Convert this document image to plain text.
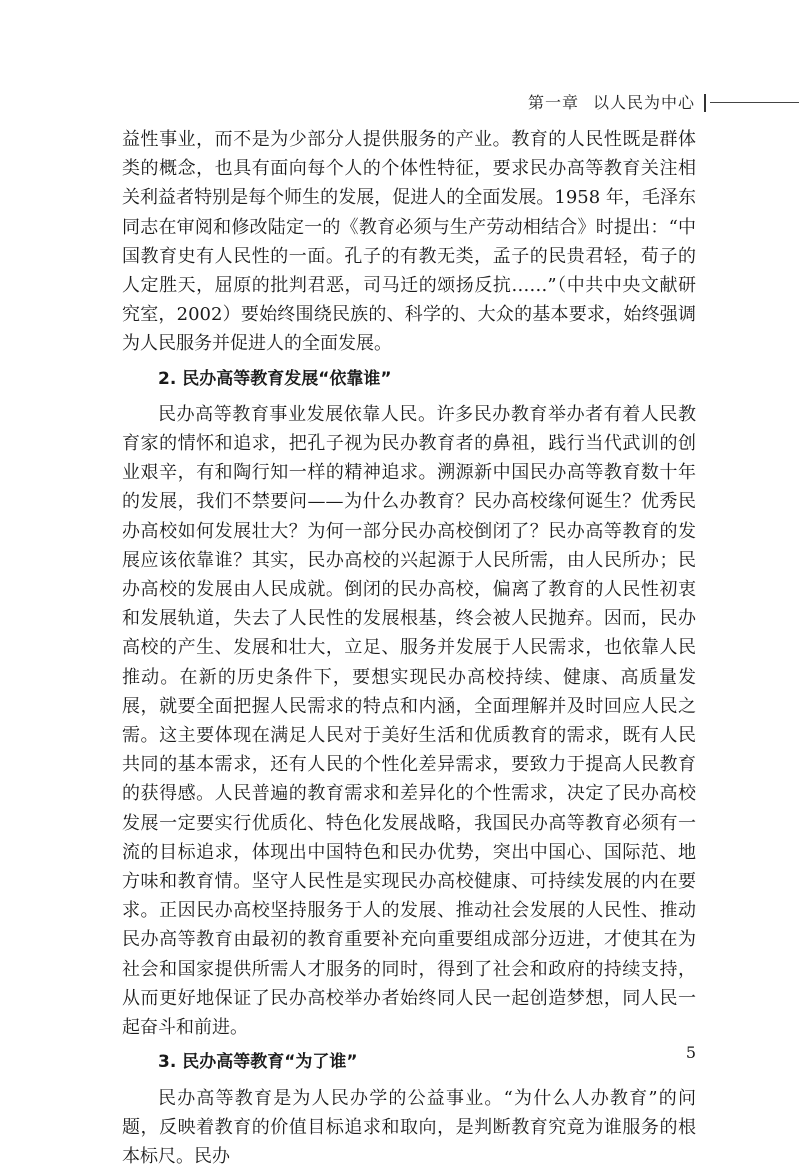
第一章 以人民为中心

益性事业，而不是为少部分人提供服务的产业。教育的人民性既是群体类的概念，也具有面向每个人的个体性特征，要求民办高等教育关注相关利益者特别是每个师生的发展，促进人的全面发展。1958 年，毛泽东同志在审阅和修改陆定一的《教育必须与生产劳动相结合》时提出：“中国教育史有人民性的一面。孔子的有教无类，孟子的民贵君轻，荀子的人定胜天，屈原的批判君恶，司马迁的颂扬反抗……”（中共中央文献研究室，2002）要始终围绕民族的、科学的、大众的基本要求，始终强调为人民服务并促进人的全面发展。

2. 民办高等教育发展“依靠谁”

民办高等教育事业发展依靠人民。许多民办教育举办者有着人民教育家的情怀和追求，把孔子视为民办教育者的鼻祖，践行当代武训的创业艰辛，有和陶行知一样的精神追求。溯源新中国民办高等教育数十年的发展，我们不禁要问——为什么办教育？民办高校缘何诞生？优秀民办高校如何发展壮大？为何一部分民办高校倒闭了？民办高等教育的发展应该依靠谁？其实，民办高校的兴起源于人民所需，由人民所办；民办高校的发展由人民成就。倒闭的民办高校，偏离了教育的人民性初衷和发展轨道，失去了人民性的发展根基，终会被人民抛弃。因而，民办高校的产生、发展和壮大，立足、服务并发展于人民需求，也依靠人民推动。在新的历史条件下，要想实现民办高校持续、健康、高质量发展，就要全面把握人民需求的特点和内涵，全面理解并及时回应人民之需。这主要体现在满足人民对于美好生活和优质教育的需求，既有人民共同的基本需求，还有人民的个性化差异需求，要致力于提高人民教育的获得感。人民普遍的教育需求和差异化的个性需求，决定了民办高校发展一定要实行优质化、特色化发展战略，我国民办高等教育必须有一流的目标追求，体现出中国特色和民办优势，突出中国心、国际范、地方味和教育情。坚守人民性是实现民办高校健康、可持续发展的内在要求。正因民办高校坚持服务于人的发展、推动社会发展的人民性、推动民办高等教育由最初的教育重要补充向重要组成部分迈进，才使其在为社会和国家提供所需人才服务的同时，得到了社会和政府的持续支持，从而更好地保证了民办高校举办者始终同人民一起创造梦想，同人民一起奋斗和前进。

3. 民办高等教育“为了谁”

民办高等教育是为人民办学的公益事业。“为什么人办教育”的问题，反映着教育的价值目标追求和取向，是判断教育究竟为谁服务的根本标尺。民办

5
